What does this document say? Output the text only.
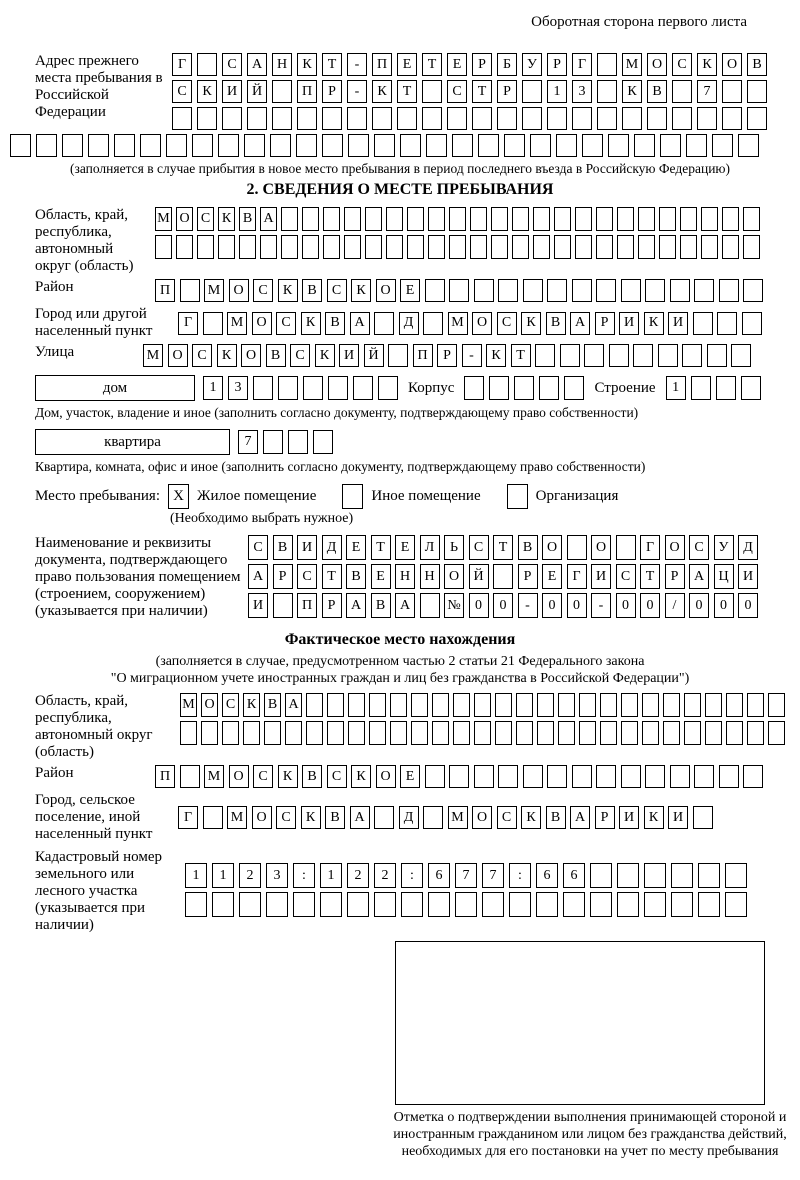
Оборотная сторона первого листа
Адрес прежнего места пребывания в Российской Федерации
Г	С	А	Н	К	Т	-	П	Е	Т	Е	Р	Б	У	Р	Г	М О	С	К	О	В
С	К	И	Й	П	Р	-	К	Т	С	Т	Р	1	3	К	В	7
(заполняется в случае прибытия в новое место пребывания в период последнего въезда в Российскую Федерацию)
2. СВЕДЕНИЯ О МЕСТЕ ПРЕБЫВАНИЯ
Область, край, республика, автономный округ (область)
М О С К В А
Район	П	М О	С	К	В	С	К	О	Е
Город или другой населенный пункт
Г	М О	С	К	В	А	Д	М О	С	К	В	А	Р	И	К	И
Улица	М О	С	К	О	В	С	К	И	Й	П	Р	-	К	Т
дом	1	3	Корпус	Строение	1
Дом, участок, владение и иное (заполнить согласно документу, подтверждающему право собственности)
квартира	7
Квартира, комната, офис и иное (заполнить согласно документу, подтверждающему право собственности)
Место пребывания: X Жилое помещение	Иное помещение	Организация
(Необходимо выбрать нужное)
Наименование и реквизиты документа, подтверждающего право пользования помещением (строением, сооружением) (указывается при наличии)
С	В	И	Д	Е	Т	Е	Л	Ь	С	Т	В	О	О	Г	О	С	У	Д
А	Р	С	Т	В	Е	Н	Н	О	Й	Р	Е	Г	И	С	Т	Р	А	Ц	И
И	П	Р	А	В	А	№	0	0	-	0	0	-	0	0	/	0	0	0
Фактическое место нахождения
(заполняется в случае, предусмотренном частью 2 статьи 21 Федерального закона
"О миграционном учете иностранных граждан и лиц без гражданства в Российской Федерации")
Область, край, республика, автономный округ (область)
М О С К В А
Район	П	М О	С	К	В	С	К	О	Е
Город, сельское поселение, иной населенный пункт
Г	М О	С	К	В	А	Д	М О	С	К	В	А	Р	И	К	И
Кадастровый номер земельного или лесного участка (указывается при наличии)
1	1	2	3	:	1	2	2	:	6	7	7	:	6	6
Отметка о подтверждении выполнения принимающей стороной и иностранным гражданином или лицом без гражданства действий, необходимых для его постановки на учет по месту пребывания
